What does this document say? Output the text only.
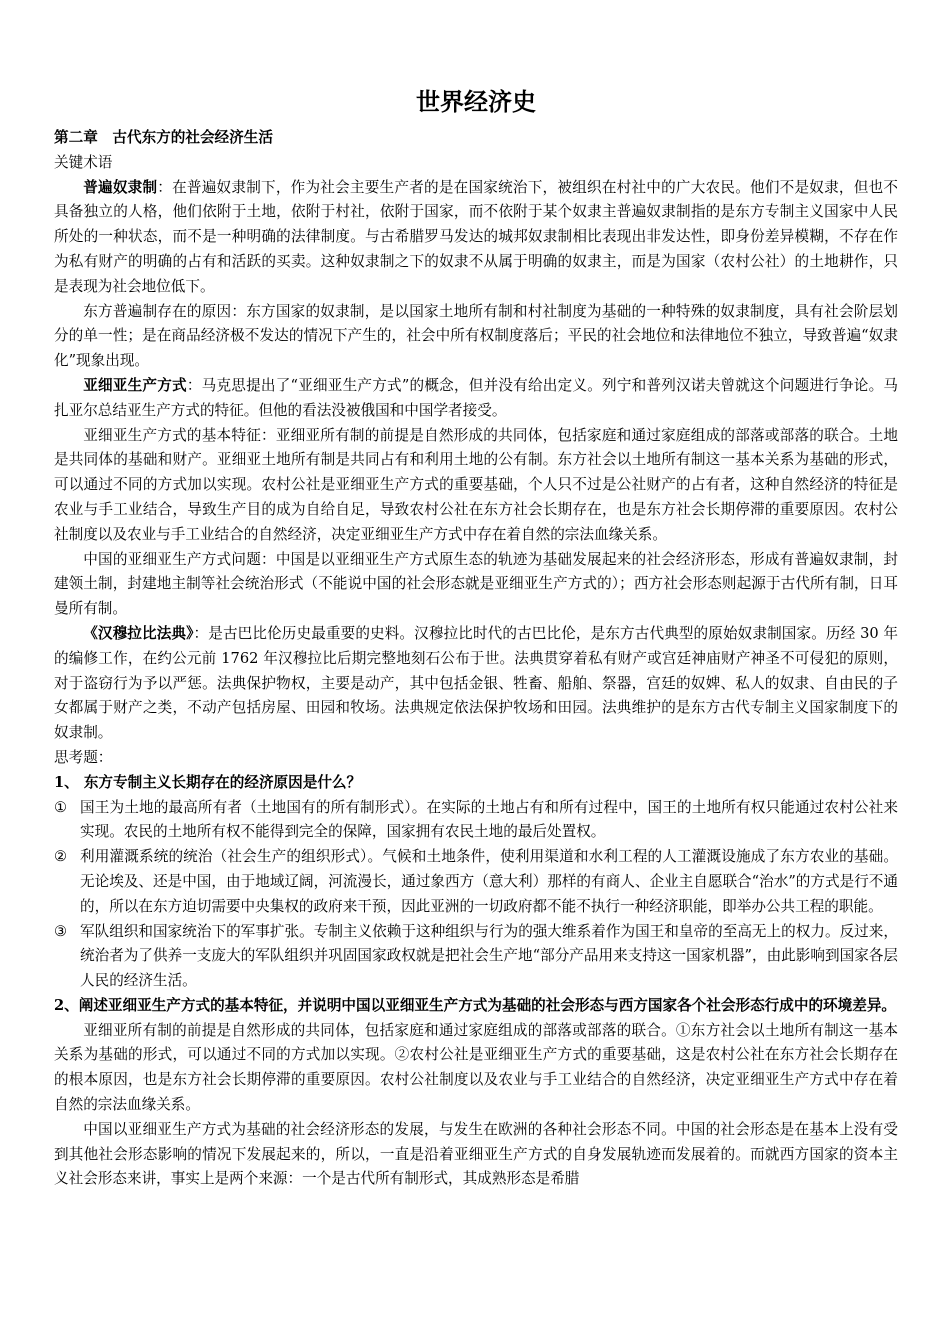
世界经济史

第二章　古代东方的社会经济生活

关键术语

普遍奴隶制：在普遍奴隶制下，作为社会主要生产者的是在国家统治下，被组织在村社中的广大农民。他们不是奴隶，但也不具备独立的人格，他们依附于土地，依附于村社，依附于国家，而不依附于某个奴隶主普遍奴隶制指的是东方专制主义国家中人民所处的一种状态，而不是一种明确的法律制度。与古希腊罗马发达的城邦奴隶制相比表现出非发达性，即身份差异模糊，不存在作为私有财产的明确的占有和活跃的买卖。这种奴隶制之下的奴隶不从属于明确的奴隶主，而是为国家（农村公社）的土地耕作，只是表现为社会地位低下。

东方普遍制存在的原因：东方国家的奴隶制，是以国家土地所有制和村社制度为基础的一种特殊的奴隶制度，具有社会阶层划分的单一性；是在商品经济极不发达的情况下产生的，社会中所有权制度落后；平民的社会地位和法律地位不独立，导致普遍“奴隶化”现象出现。

亚细亚生产方式：马克思提出了“亚细亚生产方式”的概念，但并没有给出定义。列宁和普列汉诺夫曾就这个问题进行争论。马扎亚尔总结亚生产方式的特征。但他的看法没被俄国和中国学者接受。

亚细亚生产方式的基本特征：亚细亚所有制的前提是自然形成的共同体，包括家庭和通过家庭组成的部落或部落的联合。土地是共同体的基础和财产。亚细亚土地所有制是共同占有和利用土地的公有制。东方社会以土地所有制这一基本关系为基础的形式，可以通过不同的方式加以实现。农村公社是亚细亚生产方式的重要基础，个人只不过是公社财产的占有者，这种自然经济的特征是农业与手工业结合，导致生产目的成为自给自足，导致农村公社在东方社会长期存在，也是东方社会长期停滞的重要原因。农村公社制度以及农业与手工业结合的自然经济，决定亚细亚生产方式中存在着自然的宗法血缘关系。

中国的亚细亚生产方式问题：中国是以亚细亚生产方式原生态的轨迹为基础发展起来的社会经济形态，形成有普遍奴隶制，封建领土制，封建地主制等社会统治形式（不能说中国的社会形态就是亚细亚生产方式的）；西方社会形态则起源于古代所有制，日耳曼所有制。

《汉穆拉比法典》：是古巴比伦历史最重要的史料。汉穆拉比时代的古巴比伦，是东方古代典型的原始奴隶制国家。历经 30 年的编修工作，在约公元前 1762 年汉穆拉比后期完整地刻石公布于世。法典贯穿着私有财产或宫廷神庙财产神圣不可侵犯的原则，对于盗窃行为予以严惩。法典保护物权，主要是动产，其中包括金银、牲畜、船舶、祭器，宫廷的奴婢、私人的奴隶、自由民的子女都属于财产之类，不动产包括房屋、田园和牧场。法典规定依法保护牧场和田园。法典维护的是东方古代专制主义国家制度下的奴隶制。

思考题：

1、 东方专制主义长期存在的经济原因是什么？

① 国王为土地的最高所有者（土地国有的所有制形式）。在实际的土地占有和所有过程中，国王的土地所有权只能通过农村公社来实现。农民的土地所有权不能得到完全的保障，国家拥有农民土地的最后处置权。
② 利用灌溉系统的统治（社会生产的组织形式）。气候和土地条件，使利用渠道和水利工程的人工灌溉设施成了东方农业的基础。无论埃及、还是中国，由于地域辽阔，河流漫长，通过象西方（意大利）那样的有商人、企业主自愿联合“治水”的方式是行不通的，所以在东方迫切需要中央集权的政府来干预，因此亚洲的一切政府都不能不执行一种经济职能，即举办公共工程的职能。
③ 军队组织和国家统治下的军事扩张。专制主义依赖于这种组织与行为的强大维系着作为国王和皇帝的至高无上的权力。反过来，统治者为了供养一支庞大的军队组织并巩固国家政权就是把社会生产地“部分产品用来支持这一国家机器”，由此影响到国家各层人民的经济生活。

2、阐述亚细亚生产方式的基本特征，并说明中国以亚细亚生产方式为基础的社会形态与西方国家各个社会形态行成中的环境差异。

亚细亚所有制的前提是自然形成的共同体，包括家庭和通过家庭组成的部落或部落的联合。①东方社会以土地所有制这一基本关系为基础的形式，可以通过不同的方式加以实现。②农村公社是亚细亚生产方式的重要基础，这是农村公社在东方社会长期存在的根本原因，也是东方社会长期停滞的重要原因。农村公社制度以及农业与手工业结合的自然经济，决定亚细亚生产方式中存在着自然的宗法血缘关系。

中国以亚细亚生产方式为基础的社会经济形态的发展，与发生在欧洲的各种社会形态不同。中国的社会形态是在基本上没有受到其他社会形态影响的情况下发展起来的，所以，一直是沿着亚细亚生产方式的自身发展轨迹而发展着的。而就西方国家的资本主义社会形态来讲，事实上是两个来源：一个是古代所有制形式，其成熟形态是希腊
